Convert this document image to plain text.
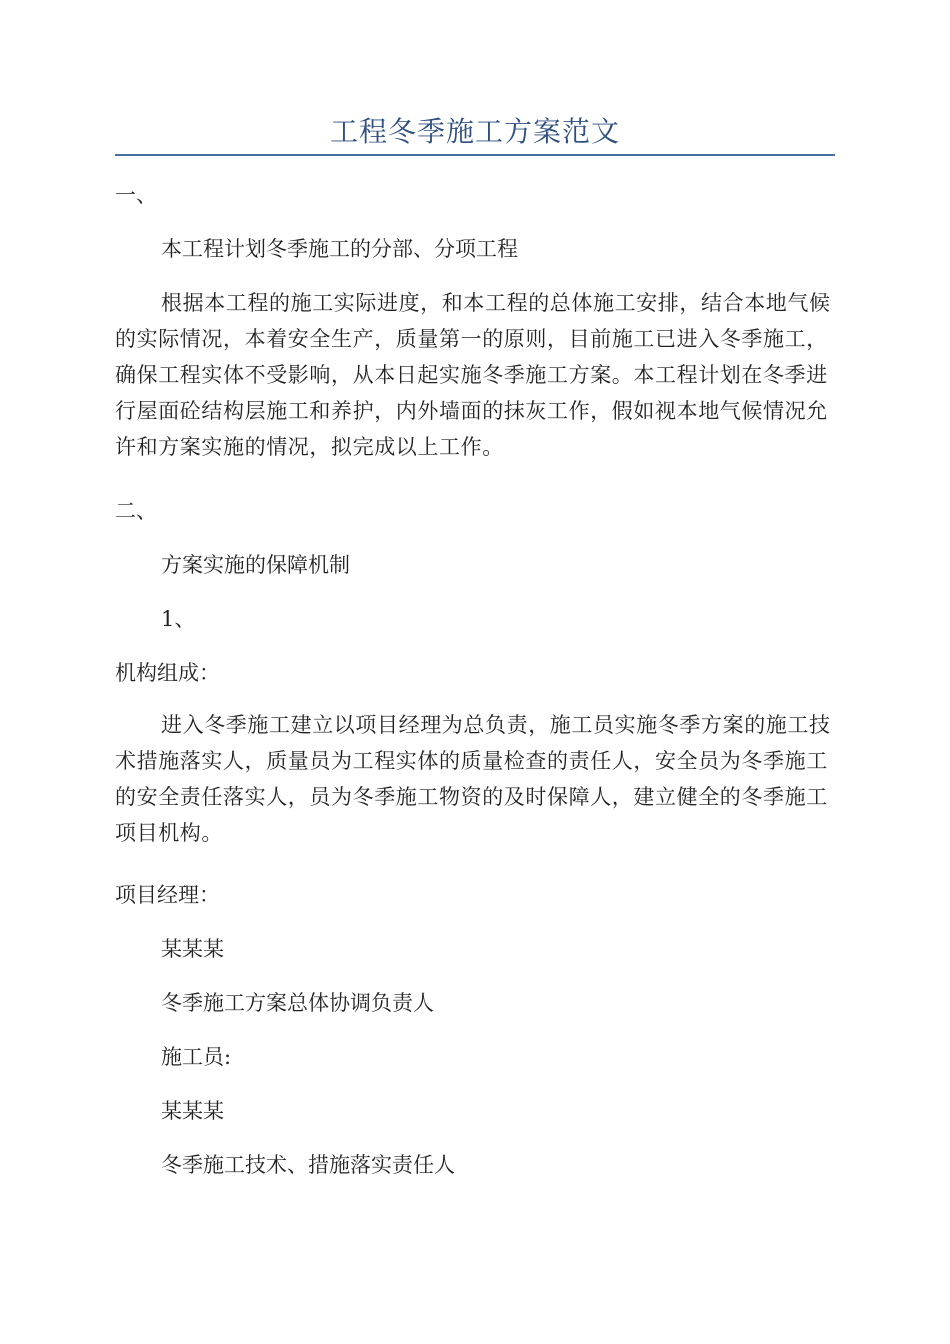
工程冬季施工方案范文

一、

本工程计划冬季施工的分部、分项工程

根据本工程的施工实际进度，和本工程的总体施工安排，结合本地气候的实际情况，本着安全生产，质量第一的原则，目前施工已进入冬季施工，确保工程实体不受影响，从本日起实施冬季施工方案。本工程计划在冬季进行屋面砼结构层施工和养护，内外墙面的抹灰工作，假如视本地气候情况允许和方案实施的情况，拟完成以上工作。

二、

方案实施的保障机制

1、

机构组成：

进入冬季施工建立以项目经理为总负责，施工员实施冬季方案的施工技术措施落实人，质量员为工程实体的质量检查的责任人，安全员为冬季施工的安全责任落实人，员为冬季施工物资的及时保障人，建立健全的冬季施工项目机构。

项目经理：

某某某

冬季施工方案总体协调负责人

施工员:

某某某

冬季施工技术、措施落实责任人
